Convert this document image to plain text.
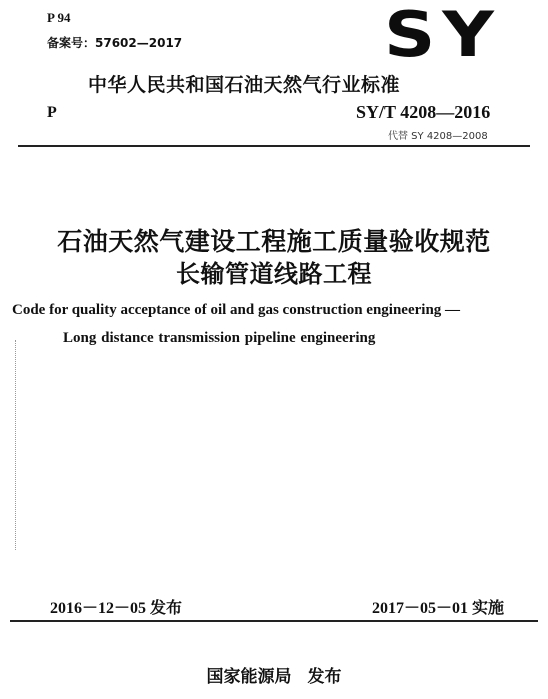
P 94
备案号：57602—2017	SY
中华人民共和国石油天然气行业标准
P	SY/T 4208—2016
代替 SY 4208—2008
石油天然气建设工程施工质量验收规范
长输管道线路工程
Code for quality acceptance of oil and gas construction engineering —
Long distance transmission pipeline engineering
2016－12－05 发布	2017－05－01 实施
国家能源局 发布
